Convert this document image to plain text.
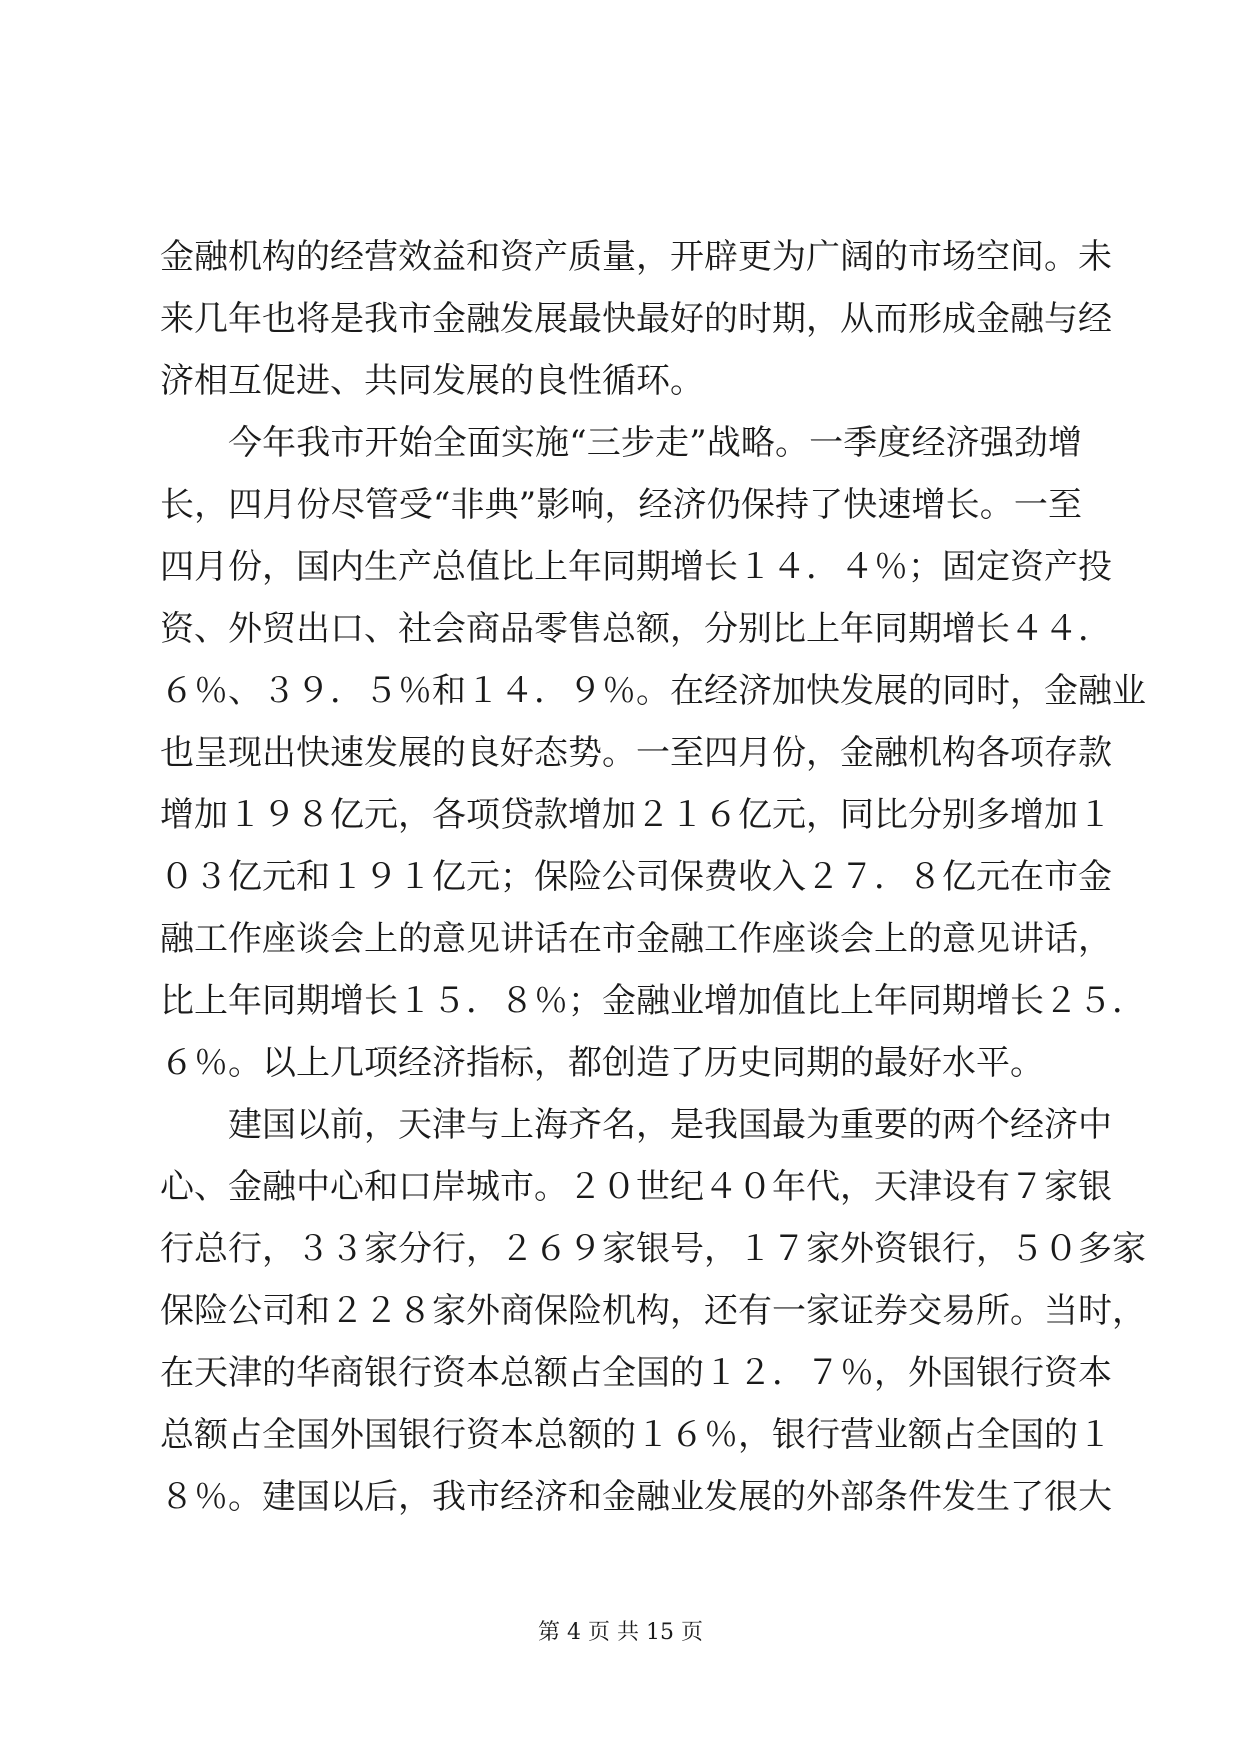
金融机构的经营效益和资产质量，开辟更为广阔的市场空间。未
来几年也将是我市金融发展最快最好的时期，从而形成金融与经
济相互促进、共同发展的良性循环。
今年我市开始全面实施“三步走”战略。一季度经济强劲增
长，四月份尽管受“非典”影响，经济仍保持了快速增长。一至
四月份，国内生产总值比上年同期增长１４．４％；固定资产投
资、外贸出口、社会商品零售总额，分别比上年同期增长４４．
６％、３９．５％和１４．９％。在经济加快发展的同时，金融业
也呈现出快速发展的良好态势。一至四月份，金融机构各项存款
增加１９８亿元，各项贷款增加２１６亿元，同比分别多增加１
０３亿元和１９１亿元；保险公司保费收入２７．８亿元在市金
融工作座谈会上的意见讲话在市金融工作座谈会上的意见讲话，
比上年同期增长１５．８％；金融业增加值比上年同期增长２５．
６％。以上几项经济指标，都创造了历史同期的最好水平。
建国以前，天津与上海齐名，是我国最为重要的两个经济中
心、金融中心和口岸城市。２０世纪４０年代，天津设有７家银
行总行，３３家分行，２６９家银号，１７家外资银行，５０多家
保险公司和２２８家外商保险机构，还有一家证券交易所。当时，
在天津的华商银行资本总额占全国的１２．７％，外国银行资本
总额占全国外国银行资本总额的１６％，银行营业额占全国的１
８％。建国以后，我市经济和金融业发展的外部条件发生了很大
第 4 页 共 15 页
